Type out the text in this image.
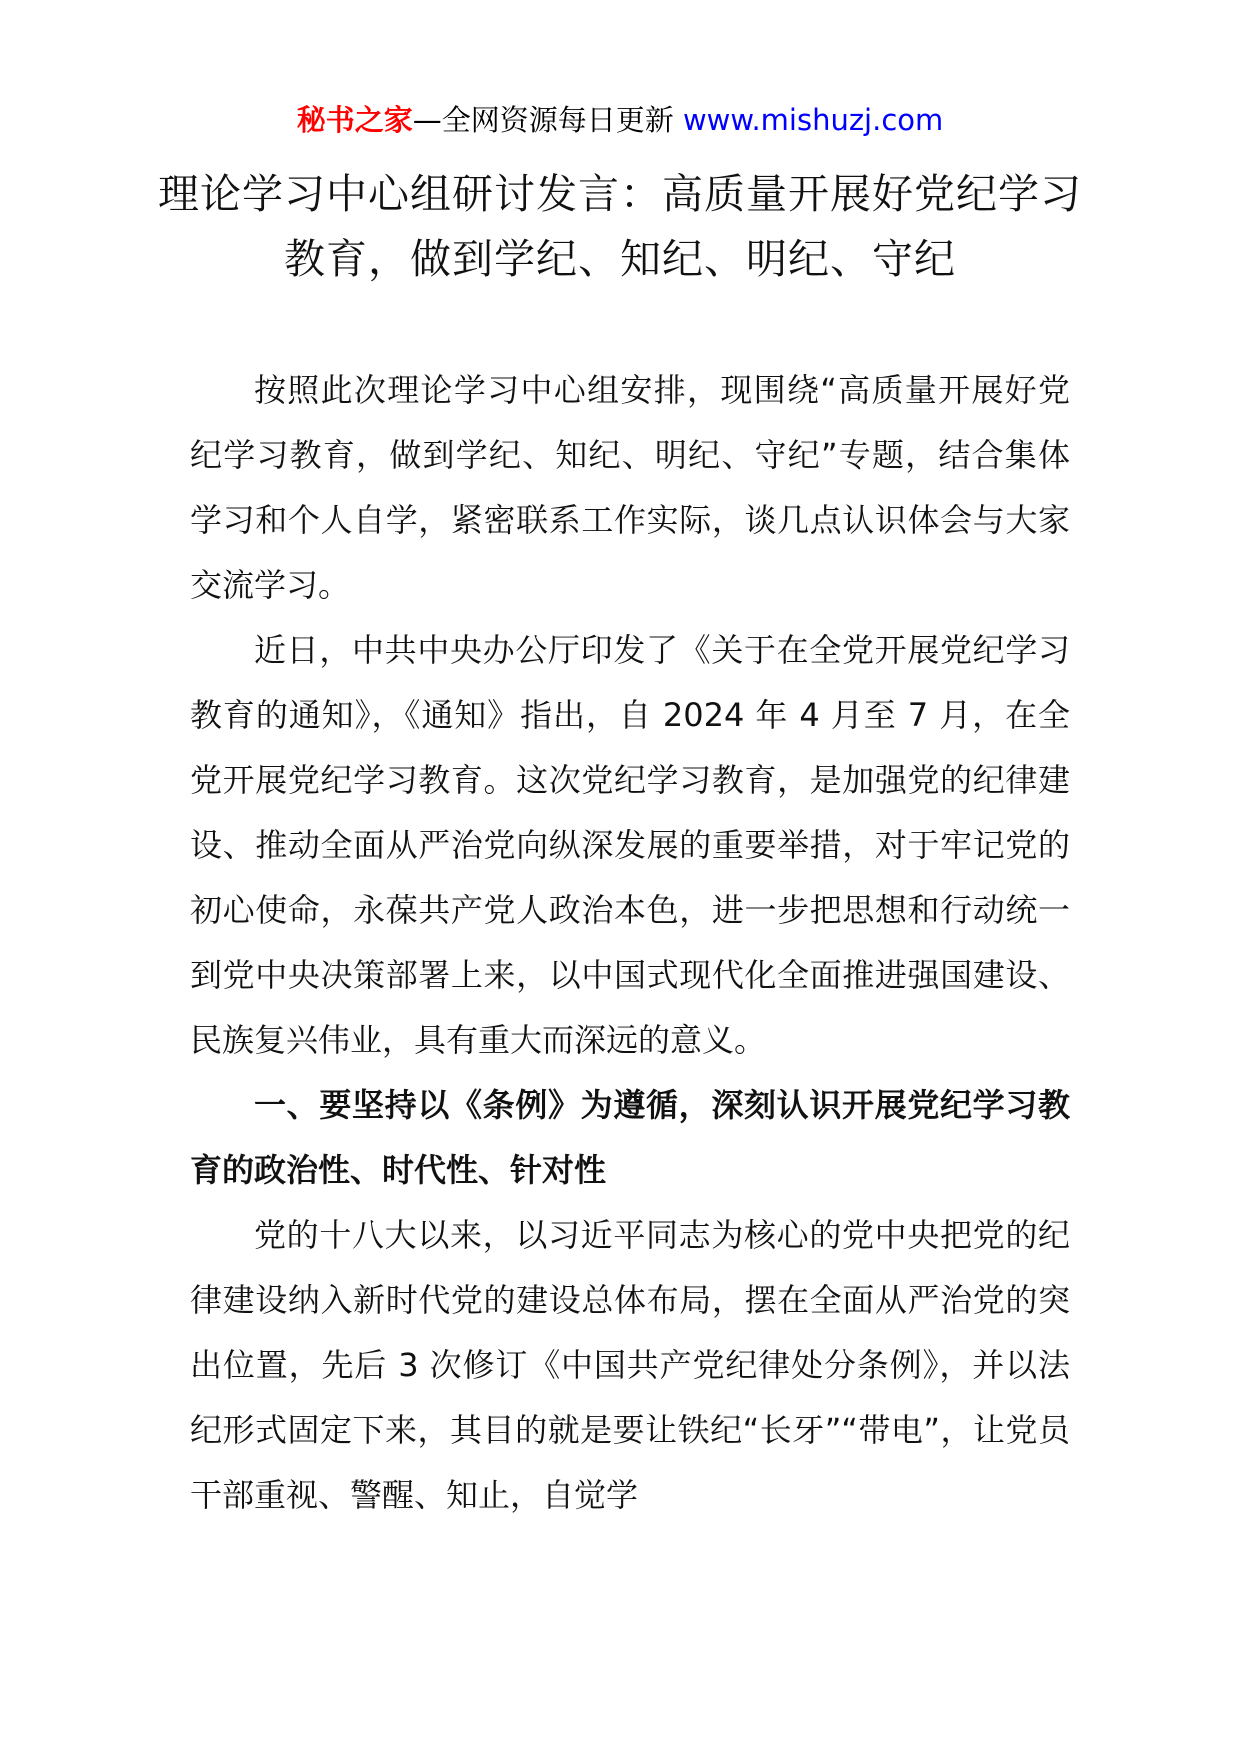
秘书之家—全网资源每日更新 www.mishuzj.com
理论学习中心组研讨发言：高质量开展好党纪学习教育，做到学纪、知纪、明纪、守纪

按照此次理论学习中心组安排，现围绕“高质量开展好党纪学习教育，做到学纪、知纪、明纪、守纪”专题，结合集体学习和个人自学，紧密联系工作实际，谈几点认识体会与大家交流学习。

近日，中共中央办公厅印发了《关于在全党开展党纪学习教育的通知》，《通知》指出，自 2024 年 4 月至 7 月，在全党开展党纪学习教育。这次党纪学习教育，是加强党的纪律建设、推动全面从严治党向纵深发展的重要举措，对于牢记党的初心使命，永葆共产党人政治本色，进一步把思想和行动统一到党中央决策部署上来，以中国式现代化全面推进强国建设、民族复兴伟业，具有重大而深远的意义。

一、要坚持以《条例》为遵循，深刻认识开展党纪学习教育的政治性、时代性、针对性

党的十八大以来，以习近平同志为核心的党中央把党的纪律建设纳入新时代党的建设总体布局，摆在全面从严治党的突出位置，先后 3 次修订《中国共产党纪律处分条例》，并以法纪形式固定下来，其目的就是要让铁纪“长牙”“带电”，让党员干部重视、警醒、知止，自觉学
